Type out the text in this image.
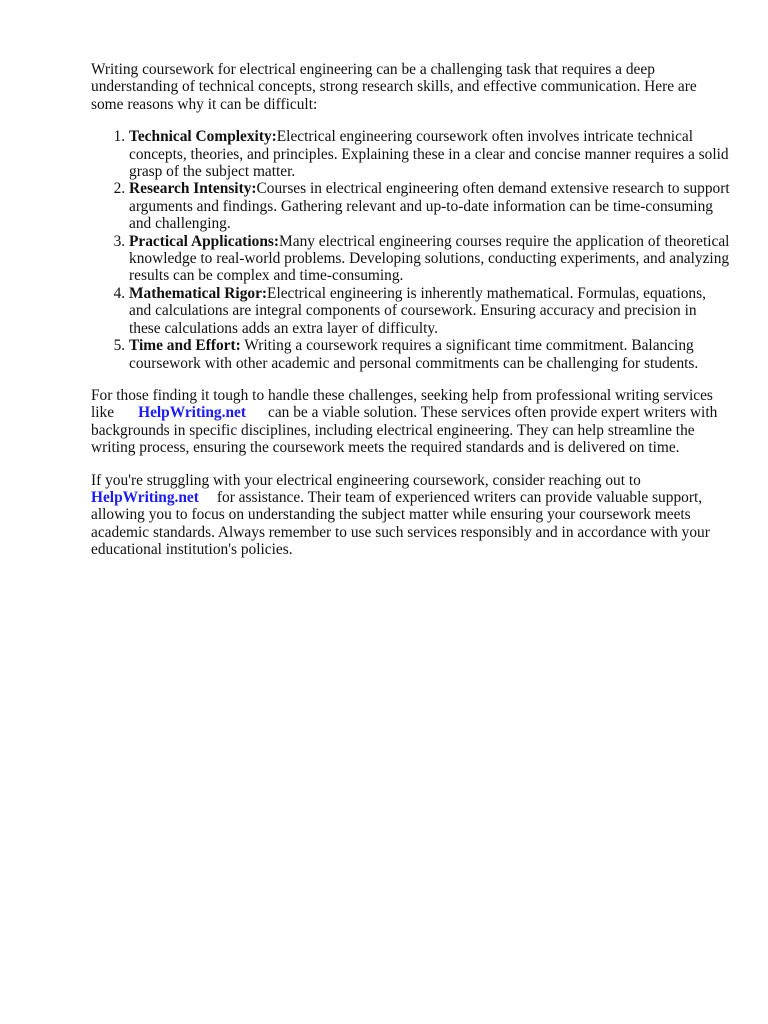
Writing coursework for electrical engineering can be a challenging task that requires a deep understanding of technical concepts, strong research skills, and effective communication. Here are some reasons why it can be difficult:

1. Technical Complexity:Electrical engineering coursework often involves intricate technical concepts, theories, and principles. Explaining these in a clear and concise manner requires a solid grasp of the subject matter.
2. Research Intensity:Courses in electrical engineering often demand extensive research to support arguments and findings. Gathering relevant and up-to-date information can be time-consuming and challenging.
3. Practical Applications:Many electrical engineering courses require the application of theoretical knowledge to real-world problems. Developing solutions, conducting experiments, and analyzing results can be complex and time-consuming.
4. Mathematical Rigor:Electrical engineering is inherently mathematical. Formulas, equations, and calculations are integral components of coursework. Ensuring accuracy and precision in these calculations adds an extra layer of difficulty.
5. Time and Effort: Writing a coursework requires a significant time commitment. Balancing coursework with other academic and personal commitments can be challenging for students.

For those finding it tough to handle these challenges, seeking help from professional writing services like HelpWriting.net can be a viable solution. These services often provide expert writers with backgrounds in specific disciplines, including electrical engineering. They can help streamline the writing process, ensuring the coursework meets the required standards and is delivered on time.

If you're struggling with your electrical engineering coursework, consider reaching out to HelpWriting.net for assistance. Their team of experienced writers can provide valuable support, allowing you to focus on understanding the subject matter while ensuring your coursework meets academic standards. Always remember to use such services responsibly and in accordance with your educational institution's policies.
